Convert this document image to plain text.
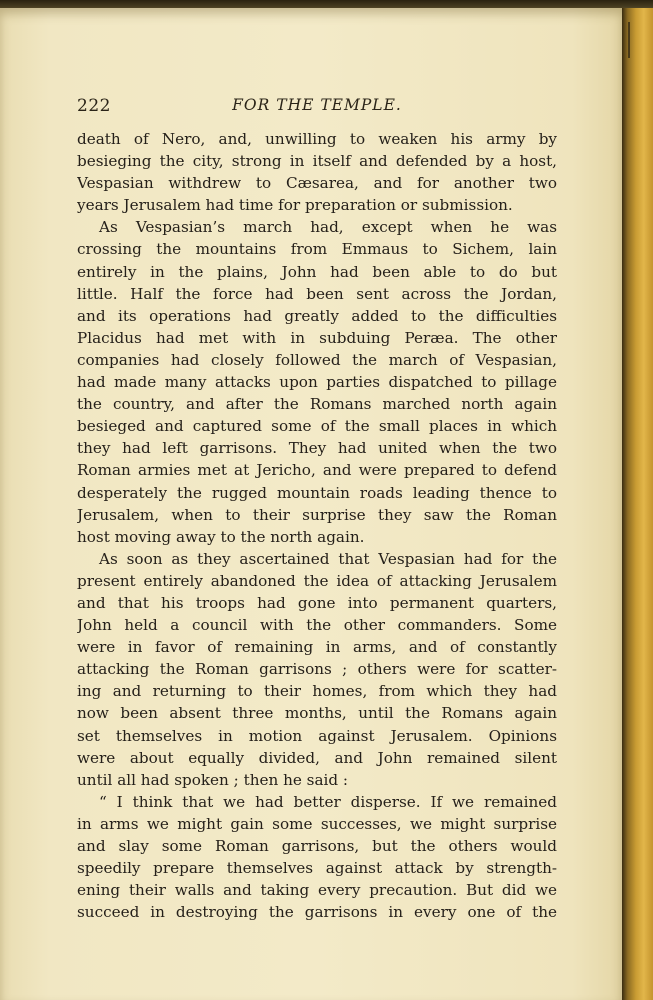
222	FOR THE TEMPLE.
death of Nero, and, unwilling to weaken his army by
besieging the city, strong in itself and defended by a host,
Vespasian withdrew to Cæsarea, and for another two
years Jerusalem had time for preparation or submission.
As Vespasian’s march had, except when he was
crossing the mountains from Emmaus to Sichem, lain
entirely in the plains, John had been able to do but
little. Half the force had been sent across the Jordan,
and its operations had greatly added to the difficulties
Placidus had met with in subduing Peræa. The other
companies had closely followed the march of Vespasian,
had made many attacks upon parties dispatched to pillage
the country, and after the Romans marched north again
besieged and captured some of the small places in which
they had left garrisons. They had united when the two
Roman armies met at Jericho, and were prepared to defend
desperately the rugged mountain roads leading thence to
Jerusalem, when to their surprise they saw the Roman
host moving away to the north again.
As soon as they ascertained that Vespasian had for the
present entirely abandoned the idea of attacking Jerusalem
and that his troops had gone into permanent quarters,
John held a council with the other commanders. Some
were in favor of remaining in arms, and of constantly
attacking the Roman garrisons ; others were for scatter-
ing and returning to their homes, from which they had
now been absent three months, until the Romans again
set themselves in motion against Jerusalem. Opinions
were about equally divided, and John remained silent
until all had spoken ; then he said :
“ I think that we had better disperse. If we remained
in arms we might gain some successes, we might surprise
and slay some Roman garrisons, but the others would
speedily prepare themselves against attack by strength-
ening their walls and taking every precaution. But did we
succeed in destroying the garrisons in every one of the
